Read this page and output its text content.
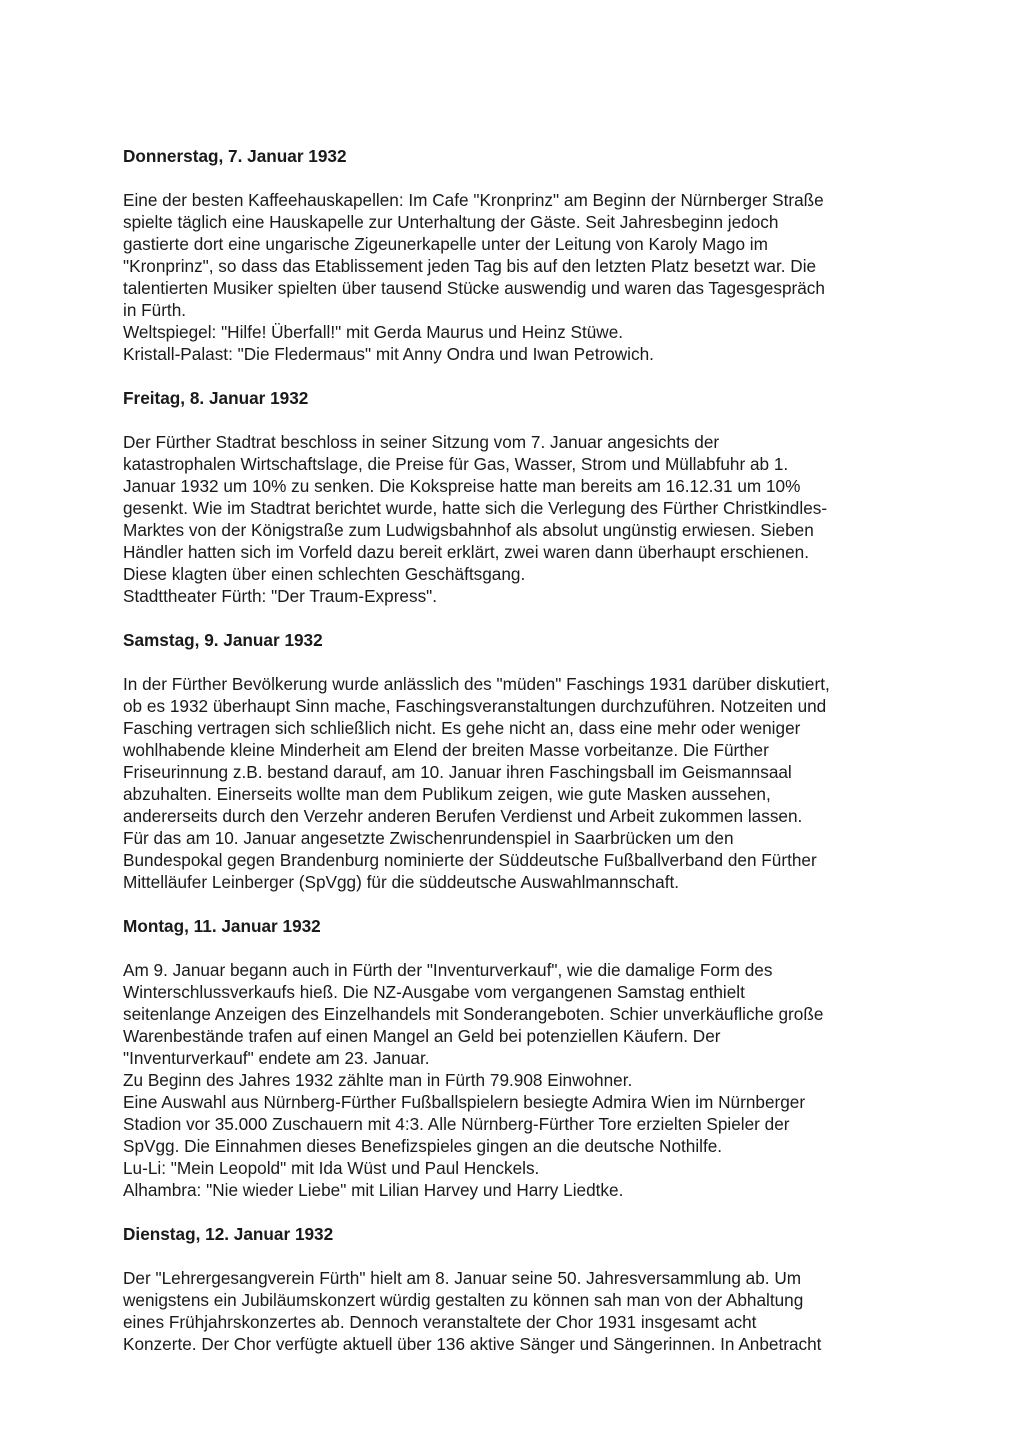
Donnerstag, 7. Januar 1932
Eine der besten Kaffeehauskapellen: Im Cafe "Kronprinz" am Beginn der Nürnberger Straße
spielte täglich eine Hauskapelle zur Unterhaltung der Gäste. Seit Jahresbeginn jedoch
gastierte dort eine ungarische Zigeunerkapelle unter der Leitung von Karoly Mago im
"Kronprinz", so dass das Etablissement jeden Tag bis auf den letzten Platz besetzt war. Die
talentierten Musiker spielten über tausend Stücke auswendig und waren das Tagesgespräch
in Fürth.
Weltspiegel: "Hilfe! Überfall!" mit Gerda Maurus und Heinz Stüwe.
Kristall-Palast: "Die Fledermaus" mit Anny Ondra und Iwan Petrowich.
Freitag, 8. Januar 1932
Der Fürther Stadtrat beschloss in seiner Sitzung vom 7. Januar angesichts der
katastrophalen Wirtschaftslage, die Preise für Gas, Wasser, Strom und Müllabfuhr ab 1.
Januar 1932 um 10% zu senken. Die Kokspreise hatte man bereits am 16.12.31 um 10%
gesenkt. Wie im Stadtrat berichtet wurde, hatte sich die Verlegung des Fürther Christkindles-
Marktes von der Königstraße zum Ludwigsbahnhof als absolut ungünstig erwiesen. Sieben
Händler hatten sich im Vorfeld dazu bereit erklärt, zwei waren dann überhaupt erschienen.
Diese klagten über einen schlechten Geschäftsgang.
Stadttheater Fürth: "Der Traum-Express".
Samstag, 9. Januar 1932
In der Fürther Bevölkerung wurde anlässlich des "müden" Faschings 1931 darüber diskutiert,
ob es 1932 überhaupt Sinn mache, Faschingsveranstaltungen durchzuführen. Notzeiten und
Fasching vertragen sich schließlich nicht. Es gehe nicht an, dass eine mehr oder weniger
wohlhabende kleine Minderheit am Elend der breiten Masse vorbeitanze. Die Fürther
Friseurinnung z.B. bestand darauf, am 10. Januar ihren Faschingsball im Geismannsaal
abzuhalten. Einerseits wollte man dem Publikum zeigen, wie gute Masken aussehen,
andererseits durch den Verzehr anderen Berufen Verdienst und Arbeit zukommen lassen.
Für das am 10. Januar angesetzte Zwischenrundenspiel in Saarbrücken um den
Bundespokal gegen Brandenburg nominierte der Süddeutsche Fußballverband den Fürther
Mittelläufer Leinberger (SpVgg) für die süddeutsche Auswahlmannschaft.
Montag, 11. Januar 1932
Am 9. Januar begann auch in Fürth der "Inventurverkauf", wie die damalige Form des
Winterschlussverkaufs hieß. Die NZ-Ausgabe vom vergangenen Samstag enthielt
seitenlange Anzeigen des Einzelhandels mit Sonderangeboten. Schier unverkäufliche große
Warenbestände trafen auf einen Mangel an Geld bei potenziellen Käufern. Der
"Inventurverkauf" endete am 23. Januar.
Zu Beginn des Jahres 1932 zählte man in Fürth 79.908 Einwohner.
Eine Auswahl aus Nürnberg-Fürther Fußballspielern besiegte Admira Wien im Nürnberger
Stadion vor 35.000 Zuschauern mit 4:3. Alle Nürnberg-Fürther Tore erzielten Spieler der
SpVgg. Die Einnahmen dieses Benefizspieles gingen an die deutsche Nothilfe.
Lu-Li: "Mein Leopold" mit Ida Wüst und Paul Henckels.
Alhambra: "Nie wieder Liebe" mit Lilian Harvey und Harry Liedtke.
Dienstag, 12. Januar 1932
Der "Lehrergesangverein Fürth" hielt am 8. Januar seine 50. Jahresversammlung ab. Um
wenigstens ein Jubiläumskonzert würdig gestalten zu können sah man von der Abhaltung
eines Frühjahrskonzertes ab. Dennoch veranstaltete der Chor 1931 insgesamt acht
Konzerte. Der Chor verfügte aktuell über 136 aktive Sänger und Sängerinnen. In Anbetracht
